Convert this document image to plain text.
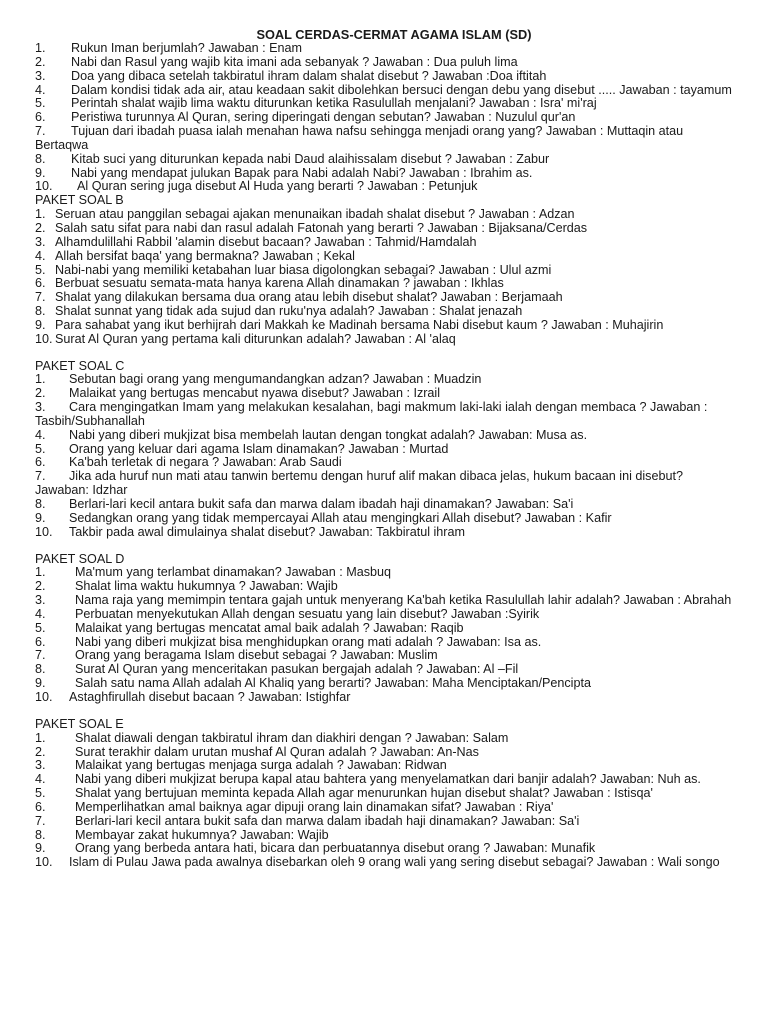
SOAL CERDAS-CERMAT AGAMA ISLAM (SD)
1. Rukun Iman berjumlah? Jawaban : Enam
2. Nabi dan Rasul yang wajib kita imani ada sebanyak ? Jawaban : Dua puluh lima
3. Doa yang dibaca setelah takbiratul ihram dalam shalat disebut ? Jawaban :Doa iftitah
4. Dalam kondisi tidak ada air, atau keadaan sakit dibolehkan bersuci dengan debu yang disebut ..... Jawaban : tayamum
5. Perintah shalat wajib lima waktu diturunkan ketika Rasulullah menjalani? Jawaban : Isra' mi'raj
6. Peristiwa turunnya Al Quran, sering diperingati dengan sebutan? Jawaban : Nuzulul qur'an
7. Tujuan dari ibadah puasa ialah menahan hawa nafsu sehingga menjadi orang yang? Jawaban : Muttaqin atau Bertaqwa
8. Kitab suci yang diturunkan kepada nabi Daud alaihissalam disebut ? Jawaban : Zabur
9. Nabi yang mendapat julukan Bapak para Nabi adalah Nabi? Jawaban : Ibrahim as.
10. Al Quran sering juga disebut Al Huda yang berarti ? Jawaban : Petunjuk
PAKET SOAL B
1. Seruan atau panggilan sebagai ajakan menunaikan ibadah shalat disebut ? Jawaban : Adzan
2. Salah satu sifat para nabi dan rasul adalah Fatonah yang berarti ? Jawaban : Bijaksana/Cerdas
3. Alhamdulillahi Rabbil 'alamin disebut bacaan? Jawaban : Tahmid/Hamdalah
4. Allah bersifat baqa' yang bermakna? Jawaban ; Kekal
5. Nabi-nabi yang memiliki ketabahan luar biasa digolongkan sebagai? Jawaban : Ulul azmi
6. Berbuat sesuatu semata-mata hanya karena Allah dinamakan ? jawaban : Ikhlas
7. Shalat yang dilakukan bersama dua orang atau lebih disebut shalat? Jawaban : Berjamaah
8. Shalat sunnat yang tidak ada sujud dan ruku'nya adalah? Jawaban : Shalat jenazah
9. Para sahabat yang ikut berhijrah dari Makkah ke Madinah bersama Nabi disebut kaum ? Jawaban : Muhajirin
10. Surat Al Quran yang pertama kali diturunkan adalah? Jawaban : Al 'alaq
PAKET SOAL C
1. Sebutan bagi orang yang mengumandangkan adzan? Jawaban : Muadzin
2. Malaikat yang bertugas mencabut nyawa disebut? Jawaban : Izrail
3. Cara mengingatkan Imam yang melakukan kesalahan, bagi makmum laki-laki ialah dengan membaca ? Jawaban : Tasbih/Subhanallah
4. Nabi yang diberi mukjizat bisa membelah lautan dengan tongkat adalah? Jawaban: Musa as.
5. Orang yang keluar dari agama Islam dinamakan? Jawaban : Murtad
6. Ka'bah terletak di negara ? Jawaban: Arab Saudi
7. Jika ada huruf nun mati atau tanwin bertemu dengan huruf alif makan dibaca jelas, hukum bacaan ini disebut? Jawaban: Idzhar
8. Berlari-lari kecil antara bukit safa dan marwa dalam ibadah haji dinamakan? Jawaban: Sa'i
9. Sedangkan orang yang tidak mempercayai Allah atau mengingkari Allah disebut? Jawaban : Kafir
10. Takbir pada awal dimulainya shalat disebut? Jawaban: Takbiratul ihram
PAKET SOAL D
1. Ma'mum yang terlambat dinamakan? Jawaban : Masbuq
2. Shalat lima waktu hukumnya ? Jawaban: Wajib
3. Nama raja yang memimpin tentara gajah untuk menyerang Ka'bah ketika Rasulullah lahir adalah? Jawaban : Abrahah
4. Perbuatan menyekutukan Allah dengan sesuatu yang lain disebut? Jawaban :Syirik
5. Malaikat yang bertugas mencatat amal baik adalah ? Jawaban: Raqib
6. Nabi yang diberi mukjizat bisa menghidupkan orang mati adalah ? Jawaban: Isa as.
7. Orang yang beragama Islam disebut sebagai ? Jawaban: Muslim
8. Surat Al Quran yang menceritakan pasukan bergajah adalah ? Jawaban: Al –Fil
9. Salah satu nama Allah adalah Al Khaliq yang berarti? Jawaban: Maha Menciptakan/Pencipta
10. Astaghfirullah disebut bacaan ? Jawaban: Istighfar
PAKET SOAL E
1. Shalat diawali dengan takbiratul ihram dan diakhiri dengan ? Jawaban: Salam
2. Surat terakhir dalam urutan mushaf Al Quran adalah ? Jawaban: An-Nas
3. Malaikat yang bertugas menjaga surga adalah ? Jawaban: Ridwan
4. Nabi yang diberi mukjizat berupa kapal atau bahtera yang menyelamatkan dari banjir adalah? Jawaban: Nuh as.
5. Shalat yang bertujuan meminta kepada Allah agar menurunkan hujan disebut shalat? Jawaban : Istisqa'
6. Memperlihatkan amal baiknya agar dipuji orang lain dinamakan sifat? Jawaban : Riya'
7. Berlari-lari kecil antara bukit safa dan marwa dalam ibadah haji dinamakan? Jawaban: Sa'i
8. Membayar zakat hukumnya? Jawaban: Wajib
9. Orang yang berbeda antara hati, bicara dan perbuatannya disebut orang ? Jawaban: Munafik
10. Islam di Pulau Jawa pada awalnya disebarkan oleh 9 orang wali yang sering disebut sebagai? Jawaban : Wali songo
